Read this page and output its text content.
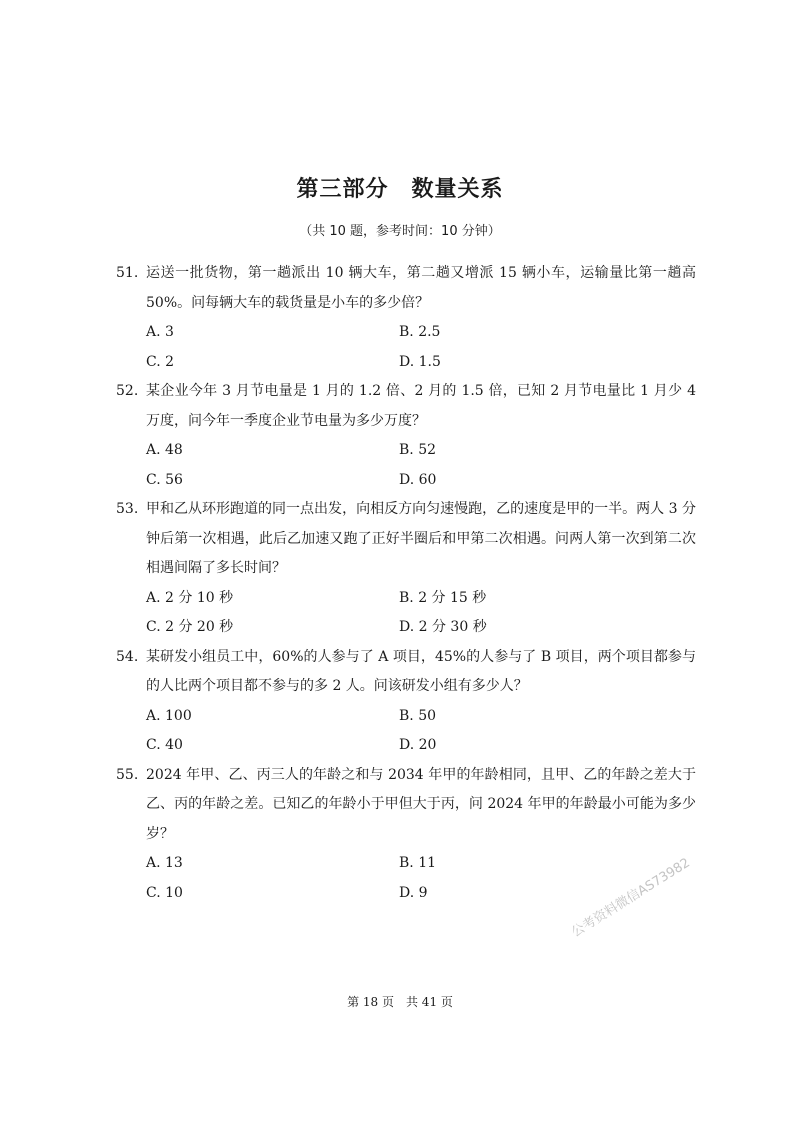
第三部分　数量关系
（共 10 题，参考时间：10 分钟）
51. 运送一批货物，第一趟派出 10 辆大车，第二趟又增派 15 辆小车，运输量比第一趟高 50%。问每辆大车的载货量是小车的多少倍？
A. 3	B. 2.5
C. 2	D. 1.5
52. 某企业今年 3 月节电量是 1 月的 1.2 倍、2 月的 1.5 倍，已知 2 月节电量比 1 月少 4 万度，问今年一季度企业节电量为多少万度？
A. 48	B. 52
C. 56	D. 60
53. 甲和乙从环形跑道的同一点出发，向相反方向匀速慢跑，乙的速度是甲的一半。两人 3 分钟后第一次相遇，此后乙加速又跑了正好半圈后和甲第二次相遇。问两人第一次到第二次相遇间隔了多长时间？
A. 2 分 10 秒	B. 2 分 15 秒
C. 2 分 20 秒	D. 2 分 30 秒
54. 某研发小组员工中，60%的人参与了 A 项目，45%的人参与了 B 项目，两个项目都参与的人比两个项目都不参与的多 2 人。问该研发小组有多少人？
A. 100	B. 50
C. 40	D. 20
55. 2024 年甲、乙、丙三人的年龄之和与 2034 年甲的年龄相同，且甲、乙的年龄之差大于乙、丙的年龄之差。已知乙的年龄小于甲但大于丙，问 2024 年甲的年龄最小可能为多少岁？
A. 13	B. 11
C. 10	D. 9	公考资料微信AS73982
第 18 页　共 41 页
